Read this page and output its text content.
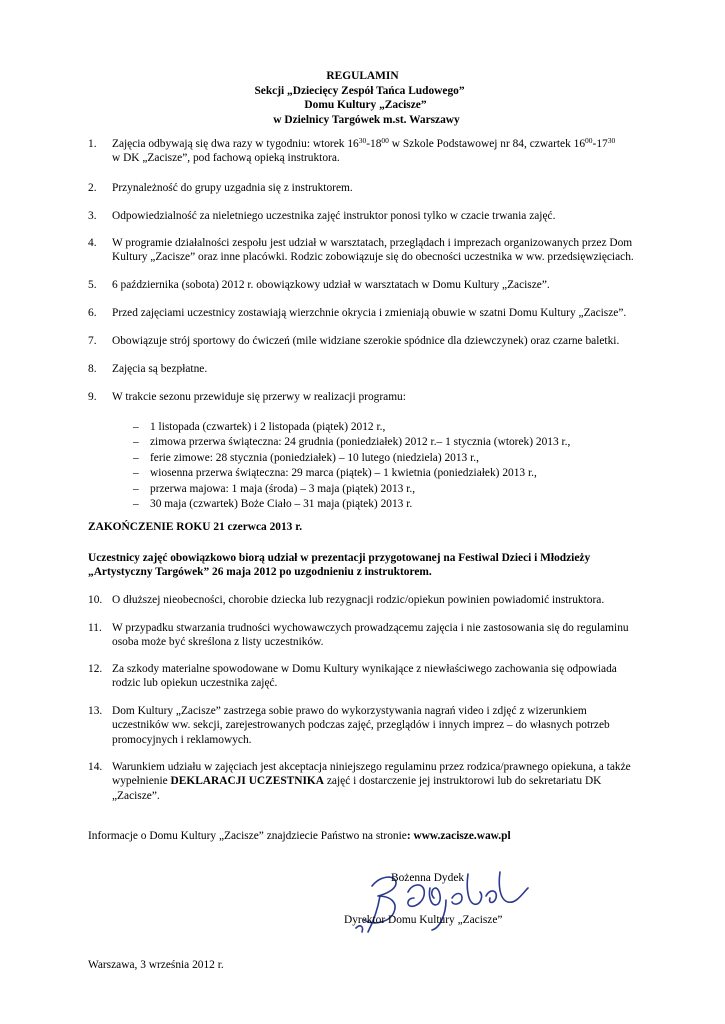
REGULAMIN
Sekcji „Dziecięcy Zespół Tańca Ludowego”
Domu Kultury „Zacisze”
w Dzielnicy Targówek m.st. Warszawy
1.	Zajęcia odbywają się dwa razy w tygodniu: wtorek $16^{30}-18^{00}$ w Szkole Podstawowej nr 84, czwartek $16^{00}-17^{30}$
w DK „Zacisze”, pod fachową opieką instruktora.
2.	Przynależność do grupy uzgadnia się z instruktorem.
3.	Odpowiedzialność za nieletniego uczestnika zajęć instruktor ponosi tylko w czacie trwania zajęć.
4.	W programie działalności zespołu jest udział w warsztatach, przeglądach i imprezach organizowanych przez Dom
Kultury „Zacisze” oraz inne placówki. Rodzic zobowiązuje się do obecności uczestnika w ww. przedsięwzięciach.
5.	6 października (sobota) 2012 r. obowiązkowy udział w warsztatach w Domu Kultury „Zacisze”.
6.	Przed zajęciami uczestnicy zostawiają wierzchnie okrycia i zmieniają obuwie w szatni Domu Kultury „Zacisze”.
7.	Obowiązuje strój sportowy do ćwiczeń (mile widziane szerokie spódnice dla dziewczynek) oraz czarne baletki.
8.	Zajęcia są bezpłatne.
9.	W trakcie sezonu przewiduje się przerwy w realizacji programu:
– 1 listopada (czwartek) i 2 listopada (piątek) 2012 r.,
– zimowa przerwa świąteczna: 24 grudnia (poniedziałek) 2012 r.– 1 stycznia (wtorek) 2013 r.,
– ferie zimowe: 28 stycznia (poniedziałek) – 10 lutego (niedziela) 2013 r.,
– wiosenna przerwa świąteczna: 29 marca (piątek) – 1 kwietnia (poniedziałek) 2013 r.,
– przerwa majowa: 1 maja (środa) – 3 maja (piątek) 2013 r.,
– 30 maja (czwartek) Boże Ciało – 31 maja (piątek) 2013 r.
ZAKOŃCZENIE ROKU 21 czerwca 2013 r.
Uczestnicy zajęć obowiązkowo biorą udział w prezentacji przygotowanej na Festiwal Dzieci i Młodzieży
„Artystyczny Targówek” 26 maja 2012 po uzgodnieniu z instruktorem.
10. O dłuższej nieobecności, chorobie dziecka lub rezygnacji rodzic/opiekun powinien powiadomić instruktora.
11. W przypadku stwarzania trudności wychowawczych prowadzącemu zajęcia i nie zastosowania się do regulaminu
osoba może być skreślona z listy uczestników.
12. Za szkody materialne spowodowane w Domu Kultury wynikające z niewłaściwego zachowania się odpowiada
rodzic lub opiekun uczestnika zajęć.
13. Dom Kultury „Zacisze” zastrzega sobie prawo do wykorzystywania nagrań video i zdjęć z wizerunkiem
uczestników ww. sekcji, zarejestrowanych podczas zajęć, przeglądów i innych imprez – do własnych potrzeb
promocyjnych i reklamowych.
14. Warunkiem udziału w zajęciach jest akceptacja niniejszego regulaminu przez rodzica/prawnego opiekuna, a także
wypełnienie DEKLARACJI UCZESTNIKA zajęć i dostarczenie jej instruktorowi lub do sekretariatu DK
„Zacisze”.
Informacje o Domu Kultury „Zacisze” znajdziecie Państwo na stronie: www.zacisze.waw.pl
Bożenna Dydek
Dyrektor Domu Kultury „Zacisze”
Warszawa, 3 września 2012 r.
